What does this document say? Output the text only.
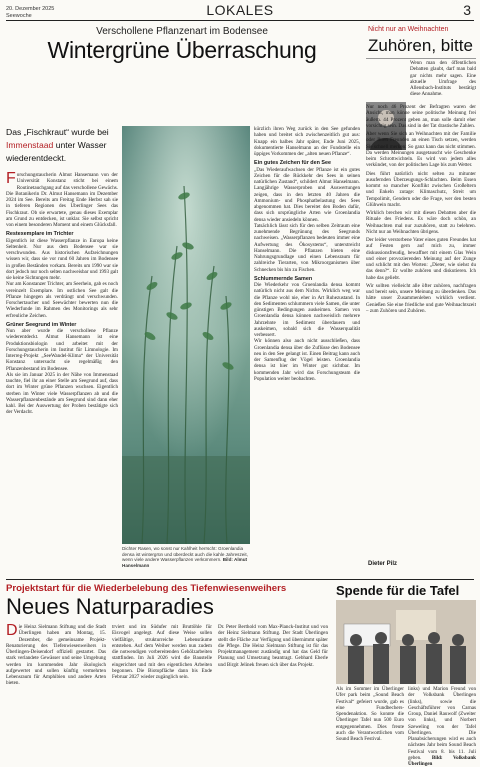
20. Dezember 2025
Seewoche	LOKALES	3
Verschollene Pflanzenart im Bodensee
Wintergrüne Überraschung
Das „Fischkraut“ wurde bei Immenstaad unter Wasser wiederentdeckt.

Forschungstaucherin Almut Hansemann von der Universität Konstanz sticht bei einem Routinetauchgang auf das verschollene Gewächs. Die Botanikerin Dr. Almut Hansemann im Dezember 2024 im See. Bereits am Freitag Ende Herbst sah sie in tieferen Regionen des Überlinger Sees das Fischkraut. Ob sie erwartete, genau dieses Exemplar am Grund zu entdecken, ist unklar. Sie selbst spricht von einem besonderen Moment und einem Glücksfall.

Restexemplare im Trichter

Eigentlich ist diese Wasserpflanze in Europa keine Seltenheit. Nur aus dem Bodensee war sie verschwunden. Aus historischen Aufzeichnungen wissen wir, dass sie vor rund 60 Jahren im Bodensee in großen Beständen vorkam. Bereits um 1990 war sie dort jedoch nur noch selten nachweisbar und 1993 galt sie keine Sichtungen mehr.

Nur am Konstanzer Trichter, am Seerhein, gab es noch vereinzelt Exemplare. Im ostlichen See galt die Pflanze hingegen als verdrängt und verschwunden. Forschertaucher und Seewächter bewerten nun die Wiederfunde im Rahmen des Monitorings als sehr erfreuliche Zeichen.

Grüner Seegrund im Winter

Nun aber wurde die verschollene Pflanze wiederentdeckt. Almut Hansemann ist eine Produktionsbiologin und arbeitet mit der Forschungstaucherin im Institut für Limnologie. Im Interreg-Projekt „SeeWandel-Klima“ der Universität Konstanz untersucht sie regelmäßig den Pflanzenbestand im Bodensee.

Als sie im Januar 2025 in der Nähe von Immenstaad tauchte, fiel ihr an einer Stelle am Seegrund auf, dass dort im Winter grüne Pflanzen wuchsen. Eigentlich sterben im Winter viele Wasserpflanzen ab und die Wasserpflanzenbestände am Seegrund sind dann eher kahl. Bei der Auswertung der Proben bestätigte sich der Verdacht.

Dichter Rasen, wo sonst nur Kahlheit herrscht: Groenlandia densa ist wintergrün und überdeckt auch die kahle Jahreszeit, wenn viele andere Wasserpflanzen verkümmern. Bild: Almut Hanselmann

kürzlich ihren Weg zurück in den See gefunden haben und breitet sich zwischenzeitlich gut aus: Knapp ein halbes Jahr später, Ende Juni 2025, dokumentierte Hanselmann an der Fundstelle ein üppiges Vorkommen der „alten neuen Pflanze“.

Ein gutes Zeichen für den See

„Das Wiederaufwachsen der Pflanze ist ein gutes Zeichen für die Rückkehr des Sees in seinen natürlichen Zustand“, schildert Almut Hanselmann. Langjährige Wasserproben und Auswertungen zeigen, dass in den letzten 40 Jahren die Ammonium- und Phosphatbelastung des Sees abgenommen hat. Dies bereitet den Boden dafür, dass sich ursprüngliche Arten wie Groenlandia densa wieder ansiedeln können.

Tatsächlich lässt sich für den selben Zeitraum eine zunehmende Begrünung des Seegrunds nachweisen. „Wasserpflanzen bedeuten immer eine Aufwertung des Ökosystems“, unterstreicht Hanselmann. Die Pflanzen bieten eine Nahrungsgrundlage und einen Lebensraum für zahlreiche Tierarten, von Mikroorganismen über Schnecken bis hin zu Fischen.

Schlummernde Samen

Die Wiederkehr von Groenlandia densa kommt natürlich nicht aus dem Nichts. Wirklich weg war die Pflanze wohl nie, eher in Art Ruhezustand. In den Sedimenten schlummern viele Samen, die unter günstigen Bedingungen auskeimen. Samen von Groenlandia densa können nachweislich mehrere Jahrzehnte im Sediment überdauern und auskeimen, sobald sich die Wasserqualität verbessert.

Wir können also auch nicht ausschließen, dass Groenlandia densa über die Zuflüsse den Bodensee neu in den See gelangt ist. Einen Beitrag kann auch der Samenflug der Vögel leisten. Groenlandia densa ist hier im Winter gut sichtbar. Im kommenden Jahr wird das Forschungsteam die Population weiter beobachten.

Nicht nur an Weihnachten
Zuhören, bitte
Wenn man den öffentlichen Debatten glaubt, darf man bald gar nichts mehr sagen. Eine aktuelle Umfrage des Allensbach-Instituts bestätigt diese Annahme.

Nur noch 46 Prozent der Befragten waren der Ansicht, man könne seine politische Meinung frei äußern. 44 Prozent geben an, man solle damit eher vorsichtig sein. Das sind in der Tat drastische Zahlen.

Aber wenn Sie sich an Weihnachten mit der Familie oder Ihren Freunden an einen Tisch setzen, werden Sie schnell merken: So ganz kann das nicht stimmen. Da werden Meinungen ausgetauscht wie Geschenke beim Schrottwichteln. Es wird von jedem alles verkündet, von der politischen Lage bis zum Wetter.

Dies führt natürlich nicht selten zu mitunter ausufernden Überzeugungs-Schlachten. Beim Essen kommt so mancher Konflikt zwischen Großeltern und Enkeln zutage: Klimaschutz, Streit um Tempolimit, Gendern oder die Frage, wer den besten Glühwein macht.

Wirklich brechen wir mit diesen Debatten aber die Rituale des Friedens. Es wäre doch schön, an Weihnachten mal nur zuzuhören, statt zu belehren. Nicht nur an Weihnachten übrigens.

Der leider verstorbene Vater eines guten Freundes hat auf Festen gern auf mich zu, immer diskussionsfreudig, bewaffnet mit einem Glas Wein und einer provozierenden Meinung auf der Zunge und schlicht mit den Worten: „Dieter, wie siehst du das denn?“. Er wollte zuhören und diskutieren. Ich habe das geliebt.

Wir sollten vielleicht alle öfter zuhören, nachfragen und bereit sein, unsere Meinung zu überdenken. Das hätte unser Zusammenleben wirklich verdient. Genießen Sie eine friedliche und gute Weihnachtszeit – zum Zuhören und Zuhören.

Dieter Pilz
Projektstart für die Wiederbelebung des Tiefenwiesenweihers
Neues Naturparadies

Die Heinz Sielmann Stiftung und die Stadt Überlingen haben am Montag, 15. Dezember, die gemeinsame Projekt-Renaturierung des Tiefenwiesenweihers in Überlingen-Deisendorf offiziell gestartet. Das stark verlandete Gewässer und seine Umgebung werden im kommenden Jahr ökologisch aufgewertet und sollen künftig vermehrten Lebensraum für Amphibien und andere Arten bieten.

trviert und im Südufer mit Bruttöhle für Eisvogel angelegt. Auf diese Weise sollen vielfältige, strukturreiche Lebensräume entstehen. Auf dem Weiher werden nun zudem die notwendigen vorbereitenden Gehölzarbeiten stattfinden. Im Juli 2026 wird die Baustelle eingerichtet und mit den eigentlichen Arbeiten begonnen. Die Biotopfläche dann bis Ende Februar 2027 wieder zugänglich sein.

Dr. Peter Berthold vom Max-Planck-Institut und von der Heinz Sielmann Stiftung. Der Stadt Überlingen stellt die Fläche zur Verfügung und übernimmt später die Pflege. Die Heinz Sielmann Stiftung ist für das Projektmanagement zuständig und hat das Geld für Planung und Umsetzung beantragt. Gebhard Eberle und Birgit Jelinek freuen sich über das Projekt.

Spende für die Tafel
Als im Sommer im Überlinger Ufer park beim „Sound Beach Festival“ gefeiert wurde, gab es eine Fundbechers-Spendenaktion. So konnte die Überlinger Tafel nun 500 Euro entgegennehmen. Dies freute auch die Verantwortlichen vom Sound Beach Festival.
links) und Marion Freund von der Volksbank Überlingen (links), sowie die Geschäftsführer von Carnas Group, Daniel Rauwolf (Zweiter von links), und Norbert Szeweling von der Tafel Überlingen. Die Planabsicherungen wird es auch nächstes Jahr beim Sound Beach Festival vom 8. bis 11. Juli geben. Bild: Volksbank Überlingen
